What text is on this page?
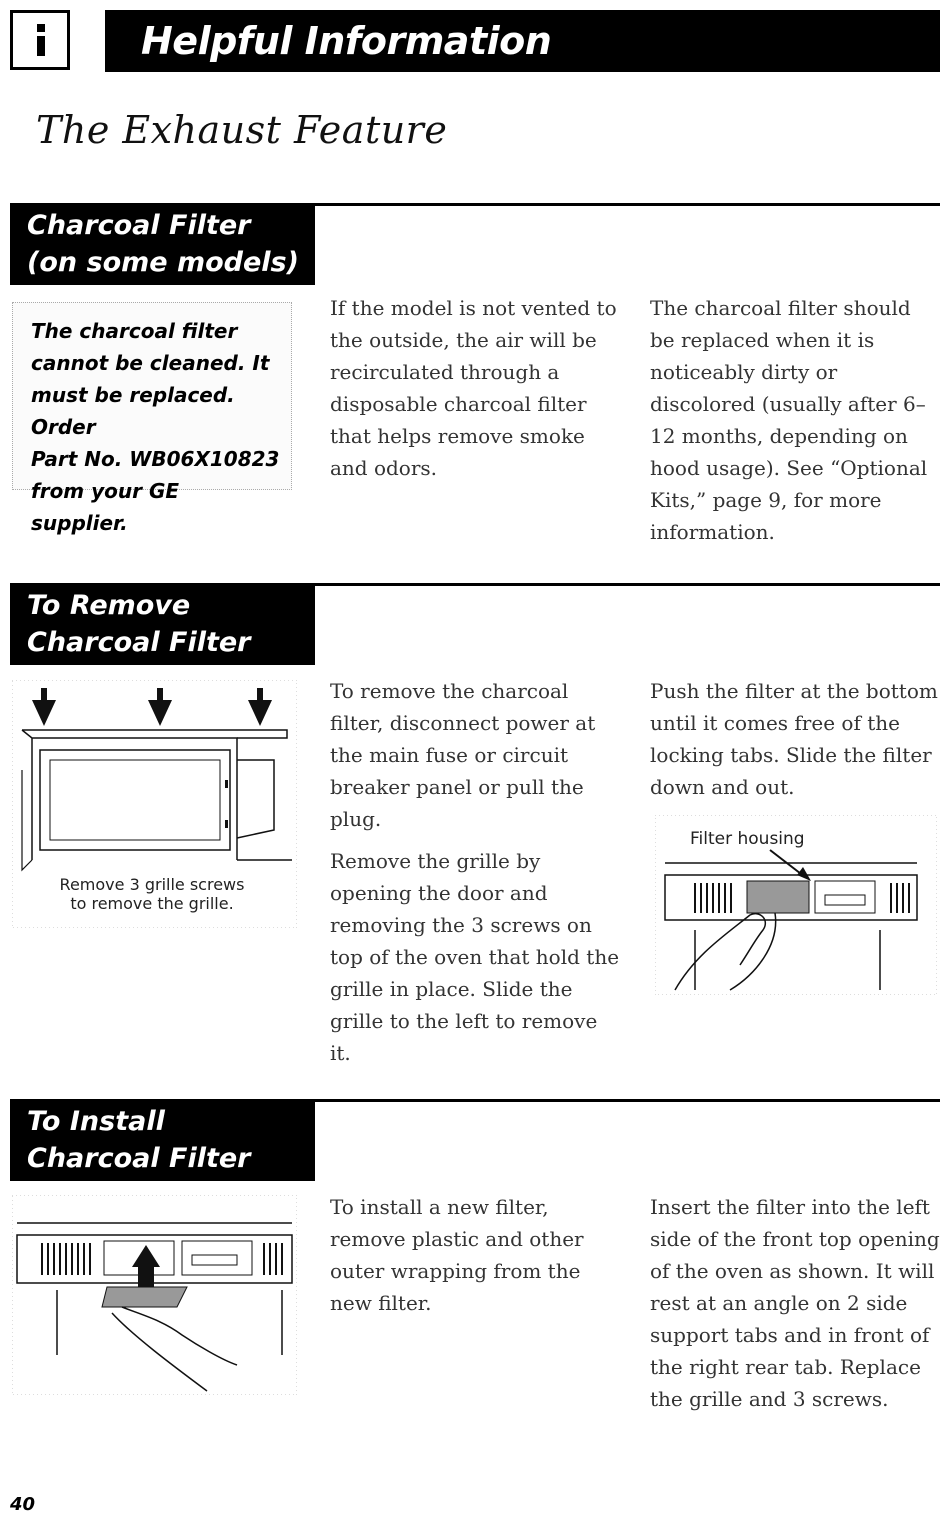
Helpful Information
The Exhaust Feature
Charcoal Filter
(on some models)
The charcoal filter
cannot be cleaned. It
must be replaced. Order
Part No. WB06X10823
from your GE supplier.

If the model is not vented to the outside, the air will be recirculated through a disposable charcoal filter that helps remove smoke and odors.

The charcoal filter should be replaced when it is noticeably dirty or discolored (usually after 6–12 months, depending on hood usage). See “Optional Kits,” page 9, for more information.

To Remove
Charcoal Filter
Remove 3 grille screws
to remove the grille.

To remove the charcoal filter, disconnect power at the main fuse or circuit breaker panel or pull the plug.

Remove the grille by opening the door and removing the 3 screws on top of the oven that hold the grille in place. Slide the grille to the left to remove it.

Push the filter at the bottom until it comes free of the locking tabs. Slide the filter down and out.

Filter housing
To Install
Charcoal Filter

To install a new filter, remove plastic and other outer wrapping from the new filter.

Insert the filter into the left side of the front top opening of the oven as shown. It will rest at an angle on 2 side support tabs and in front of the right rear tab. Replace the grille and 3 screws.

40
